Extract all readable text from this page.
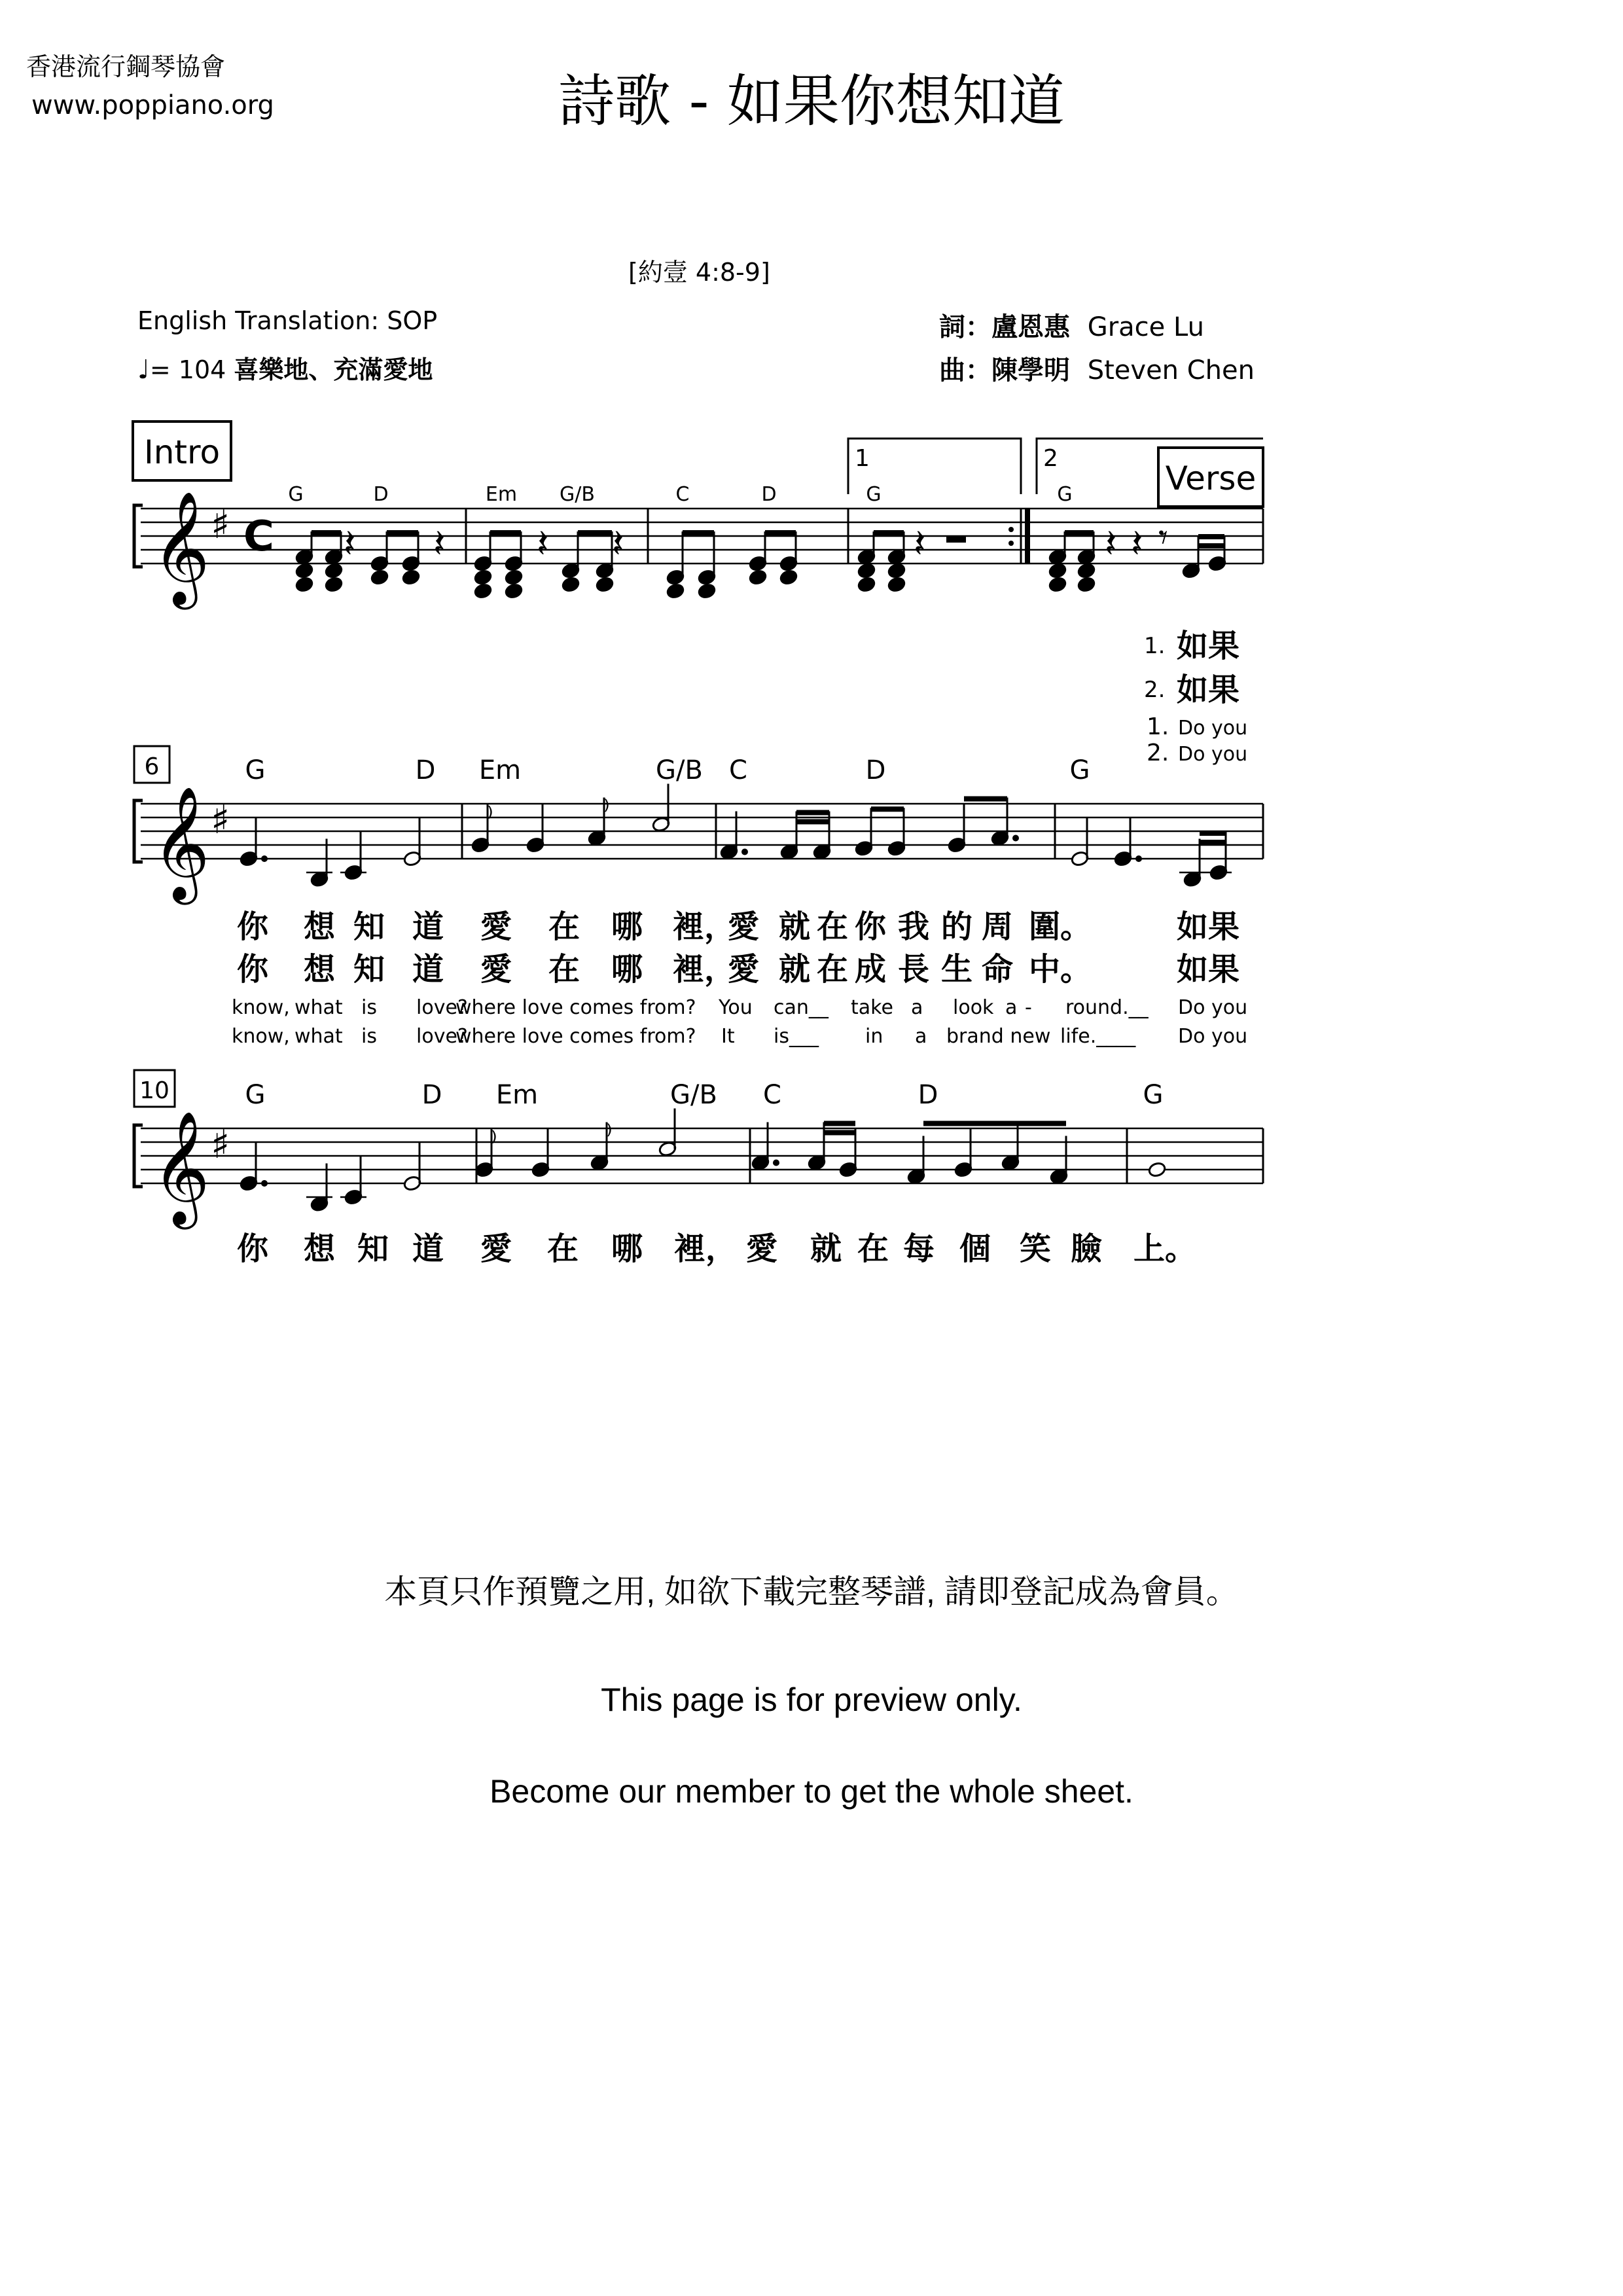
香港流行鋼琴協會
www.poppiano.org	詩歌 - 如果你想知道
[約壹 4:8-9]
English Translation: SOP
♩= 104 喜樂地、充滿愛地
詞：盧恩惠 Grace Lu
曲：陳學明 Steven Chen
Intro
Verse
1	2
𝄞 ♯ C
G	D	Em G/B	C	D	G	G
𝄽
𝄽
𝄽
𝄽	𝄽	𝄽 𝄽 𝄾
1. 如果
2. 如果
1. Do you
2. Do you
6	G	D Em	G/B C	D	G
𝄞 ♯	⁾	⁾
你 想 知 道 愛 在 哪 裡，
愛 就 在 你 我 的 周 圍。	如果
你 想 知 道 愛 在 哪 裡，
愛 就 在 成 長 生 命 中。	如果
know, what is love?
where love comes from? You can__ take a look a - round.__ Do you
know, what is love?
where love comes from? It is___ in a brand new life.____ Do you
10	G	D Em	G/B C	D	G
𝄞 ♯	⁾	⁾
你 想 知 道 愛 在 哪 裡， 愛 就 在 每 個 笑 臉 上。
本頁只作預覽之用, 如欲下載完整琴譜, 請即登記成為會員。
This page is for preview only.
Become our member to get the whole sheet.
